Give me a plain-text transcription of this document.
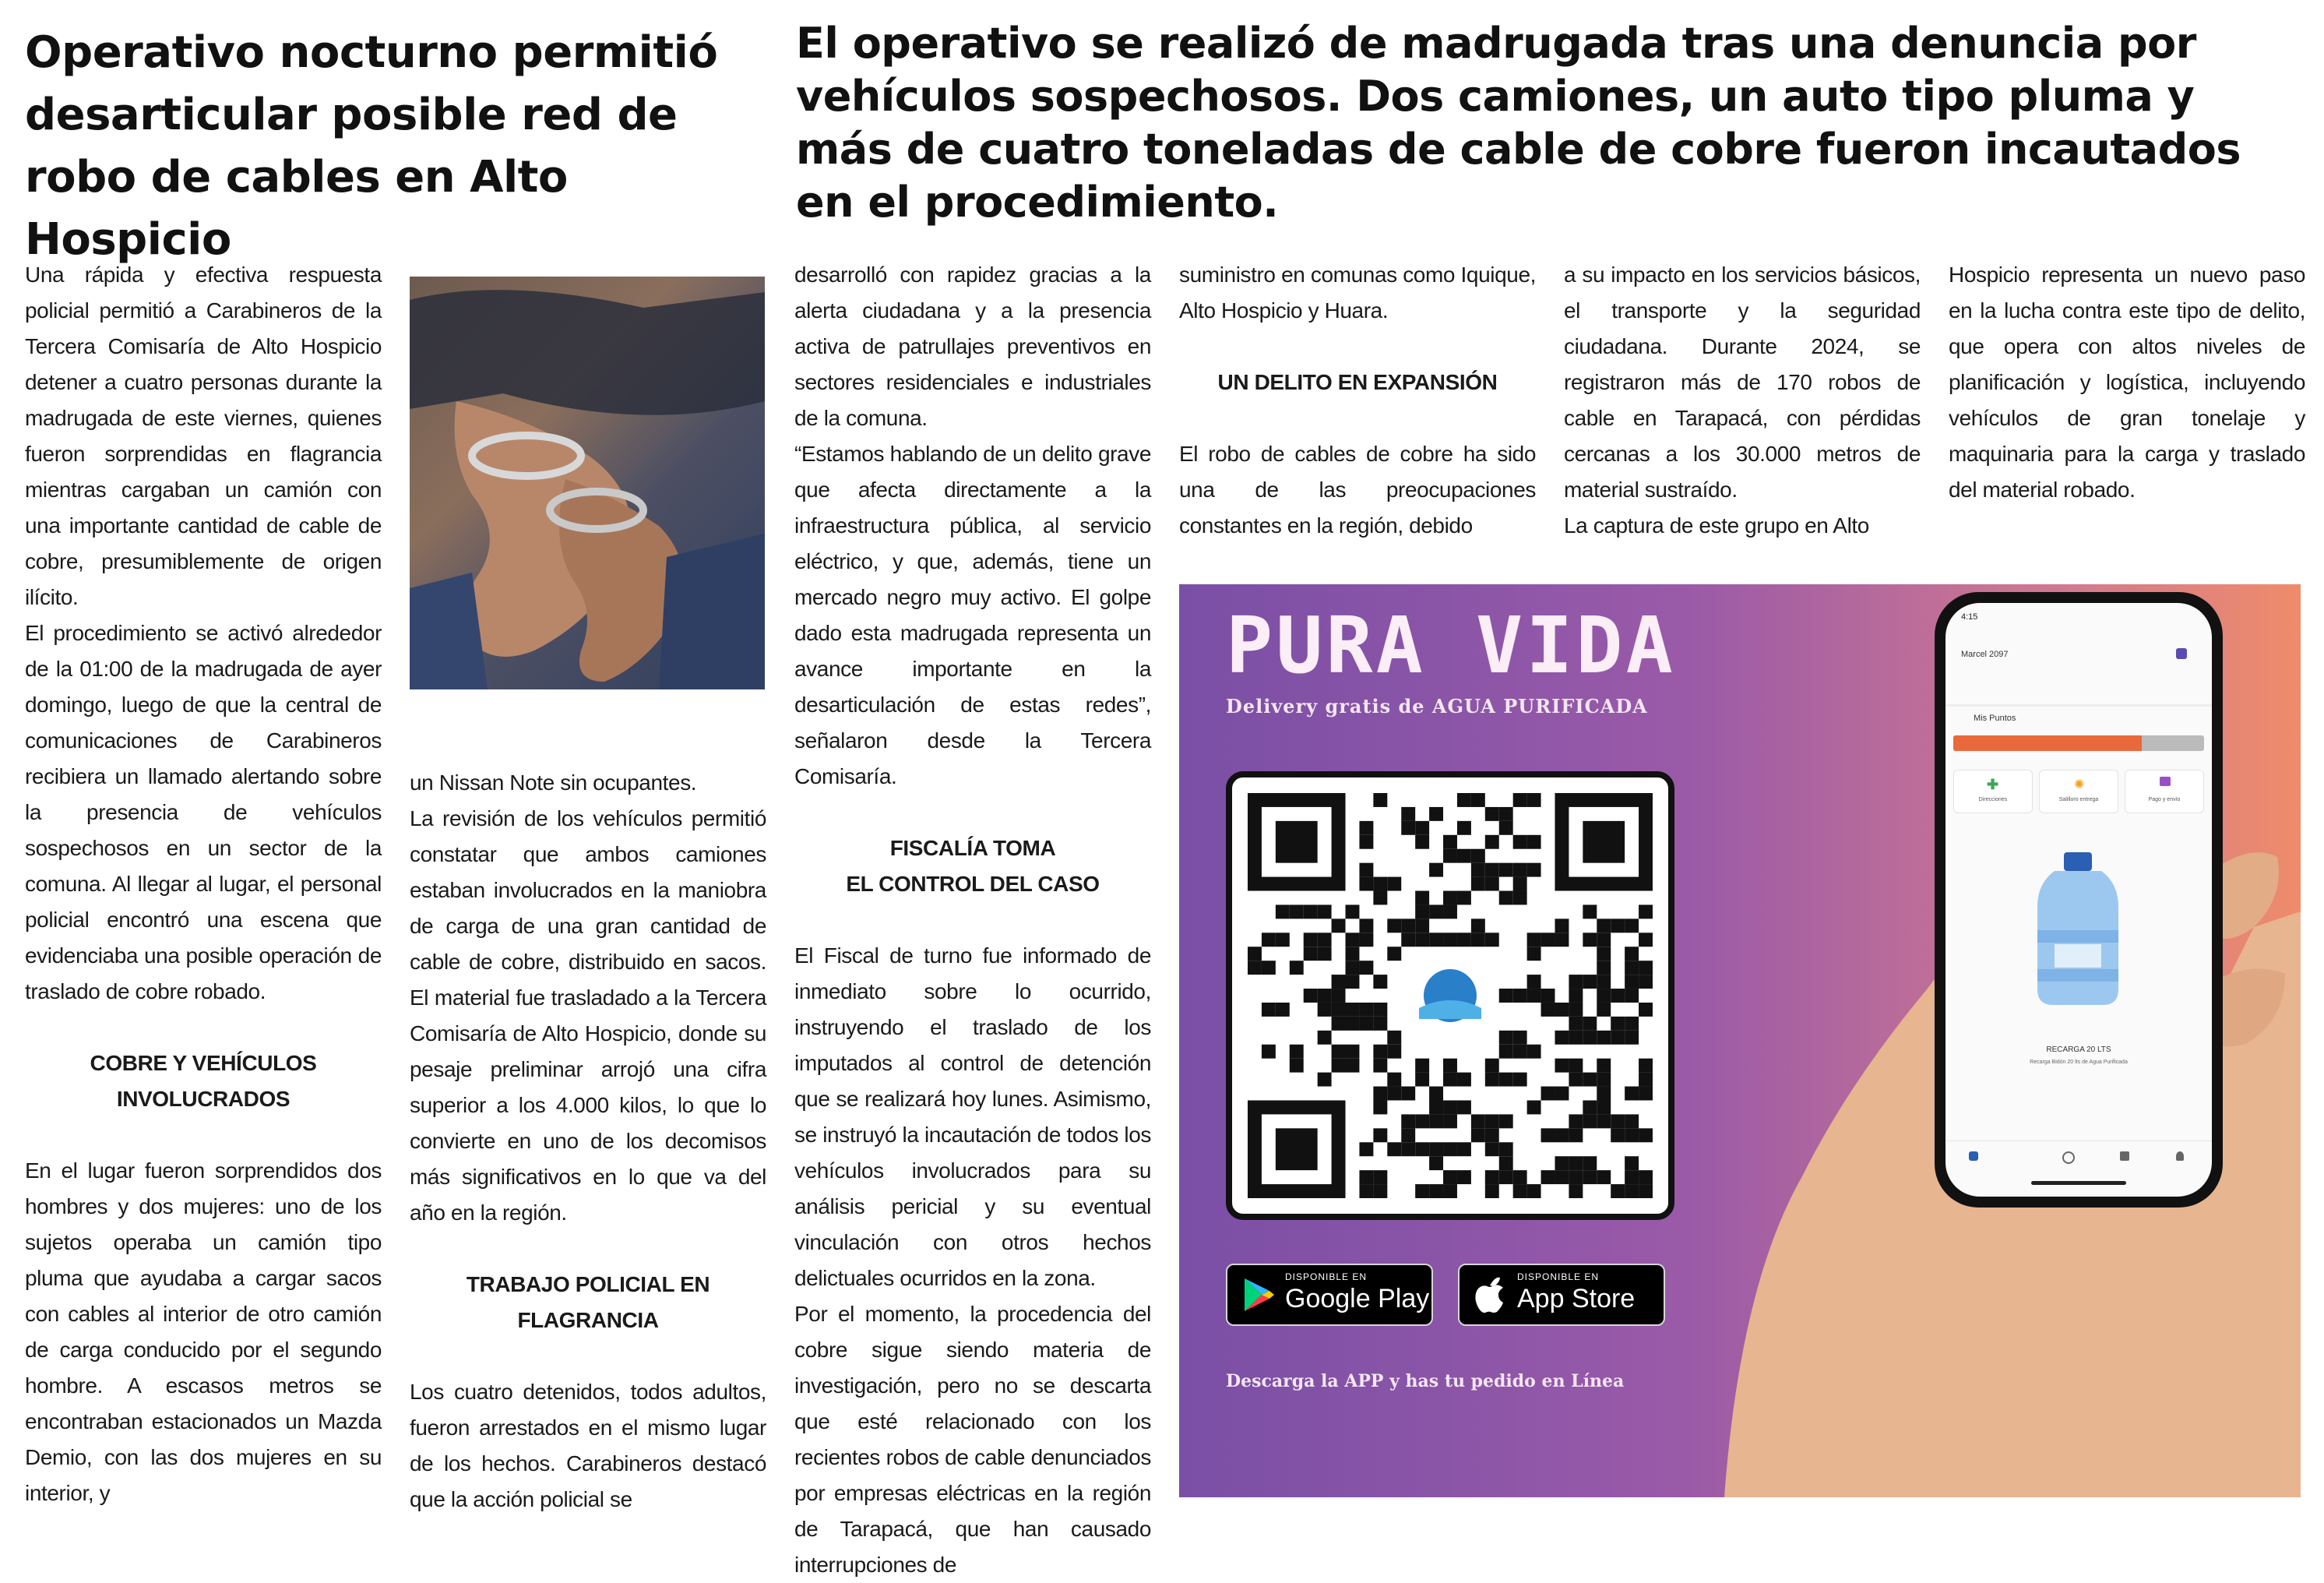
Operativo nocturno permitió desarticular posible red de robo de cables en Alto Hospicio
El operativo se realizó de madrugada tras una denuncia por vehículos sospechosos. Dos camiones, un auto tipo pluma y más de cuatro toneladas de cable de cobre fueron incautados en el procedimiento.

Una rápida y efectiva respuesta policial permitió a Carabineros de la Tercera Comisaría de Alto Hospicio detener a cuatro personas durante la madrugada de este viernes, quienes fueron sorprendidas en flagrancia mientras cargaban un camión con una importante cantidad de cable de cobre, presumiblemente de origen ilícito.

El procedimiento se activó alrededor de la 01:00 de la madrugada de ayer domingo, luego de que la central de comunicaciones de Carabineros recibiera un llamado alertando sobre la presencia de vehículos sospechosos en un sector de la comuna. Al llegar al lugar, el personal policial encontró una escena que evidenciaba una posible operación de traslado de cobre robado.

COBRE Y VEHÍCULOS INVOLUCRADOS

En el lugar fueron sorprendidos dos hombres y dos mujeres: uno de los sujetos operaba un camión tipo pluma que ayudaba a cargar sacos con cables al interior de otro camión de carga conducido por el segundo hombre. A escasos metros se encontraban estacionados un Mazda Demio, con las dos mujeres en su interior, y

un Nissan Note sin ocupantes.

La revisión de los vehículos permitió constatar que ambos camiones estaban involucrados en la maniobra de carga de una gran cantidad de cable de cobre, distribuido en sacos. El material fue trasladado a la Tercera Comisaría de Alto Hospicio, donde su pesaje preliminar arrojó una cifra superior a los 4.000 kilos, lo que lo convierte en uno de los decomisos más significativos en lo que va del año en la región.

TRABAJO POLICIAL EN FLAGRANCIA

Los cuatro detenidos, todos adultos, fueron arrestados en el mismo lugar de los hechos. Carabineros destacó que la acción policial se

desarrolló con rapidez gracias a la alerta ciudadana y a la presencia activa de patrullajes preventivos en sectores residenciales e industriales de la comuna.

“Estamos hablando de un delito grave que afecta directamente a la infraestructura pública, al servicio eléctrico, y que, además, tiene un mercado negro muy activo. El golpe dado esta madrugada representa un avance importante en la desarticulación de estas redes”, señalaron desde la Tercera Comisaría.

FISCALÍA TOMA

EL CONTROL DEL CASO

El Fiscal de turno fue informado de inmediato sobre lo ocurrido, instruyendo el traslado de los imputados al control de detención que se realizará hoy lunes. Asimismo, se instruyó la incautación de todos los vehículos involucrados para su análisis pericial y su eventual vinculación con otros hechos delictuales ocurridos en la zona.

Por el momento, la procedencia del cobre sigue siendo materia de investigación, pero no se descarta que esté relacionado con los recientes robos de cable denunciados por empresas eléctricas en la región de Tarapacá, que han causado interrupciones de

suministro en comunas como Iquique, Alto Hospicio y Huara.

UN DELITO EN EXPANSIÓN

El robo de cables de cobre ha sido una de las preocupaciones constantes en la región, debido

a su impacto en los servicios básicos, el transporte y la seguridad ciudadana. Durante 2024, se registraron más de 170 robos de cable en Tarapacá, con pérdidas cercanas a los 30.000 metros de material sustraído.

La captura de este grupo en Alto

Hospicio representa un nuevo paso en la lucha contra este tipo de delito, que opera con altos niveles de planificación y logística, incluyendo vehículos de gran tonelaje y maquinaria para la carga y traslado del material robado.

PURA VIDA
Delivery gratis de AGUA PURIFICADA
DISPONIBLE EN
Google Play
DISPONIBLE EN
App Store
Descarga la APP y has tu pedido en Línea
4:15
Marcel 2097
Mis Puntos
✚
Direcciones
✺
Salilloro entrega	Pago y envío
RECARGA 20 LTS
Recarga Bidón 20 lts de Agua Purificada
